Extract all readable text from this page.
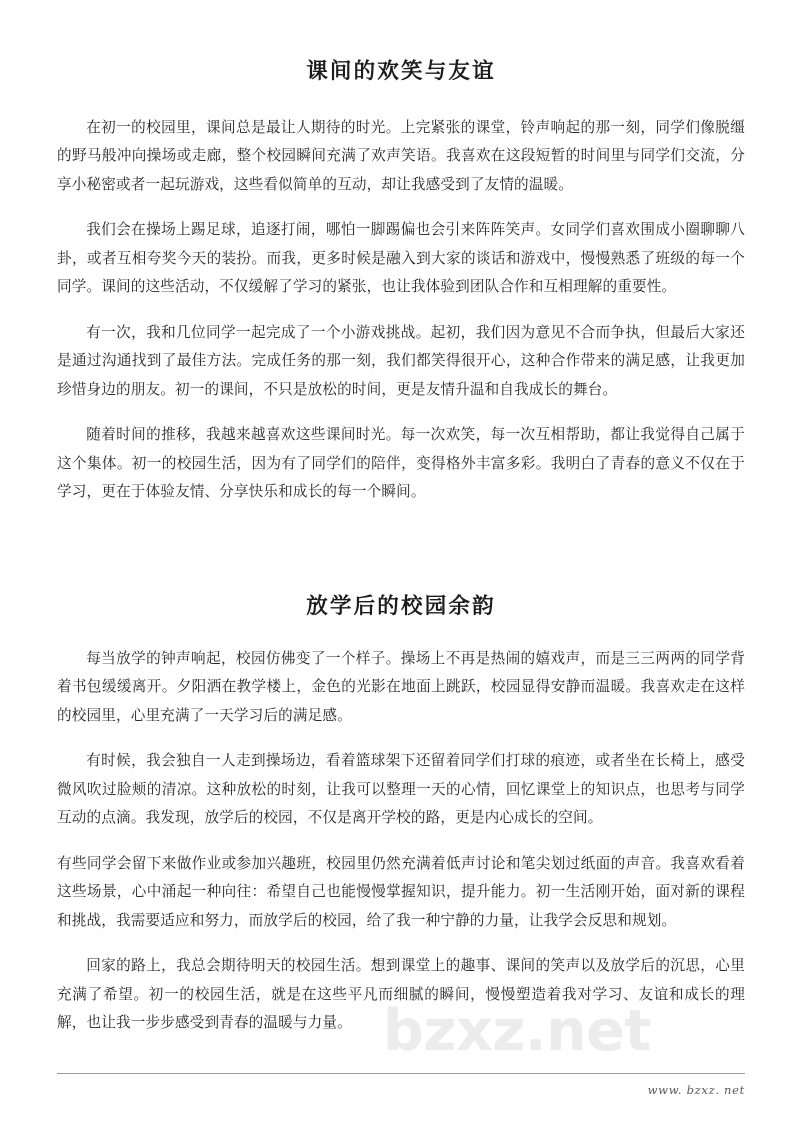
课间的欢笑与友谊

在初一的校园里，课间总是最让人期待的时光。上完紧张的课堂，铃声响起的那一刻，同学们像脱缰的野马般冲向操场或走廊，整个校园瞬间充满了欢声笑语。我喜欢在这段短暂的时间里与同学们交流，分享小秘密或者一起玩游戏，这些看似简单的互动，却让我感受到了友情的温暖。

我们会在操场上踢足球，追逐打闹，哪怕一脚踢偏也会引来阵阵笑声。女同学们喜欢围成小圈聊聊八卦，或者互相夸奖今天的装扮。而我，更多时候是融入到大家的谈话和游戏中，慢慢熟悉了班级的每一个同学。课间的这些活动，不仅缓解了学习的紧张，也让我体验到团队合作和互相理解的重要性。

有一次，我和几位同学一起完成了一个小游戏挑战。起初，我们因为意见不合而争执，但最后大家还是通过沟通找到了最佳方法。完成任务的那一刻，我们都笑得很开心，这种合作带来的满足感，让我更加珍惜身边的朋友。初一的课间，不只是放松的时间，更是友情升温和自我成长的舞台。

随着时间的推移，我越来越喜欢这些课间时光。每一次欢笑，每一次互相帮助，都让我觉得自己属于这个集体。初一的校园生活，因为有了同学们的陪伴，变得格外丰富多彩。我明白了青春的意义不仅在于学习，更在于体验友情、分享快乐和成长的每一个瞬间。

放学后的校园余韵

每当放学的钟声响起，校园仿佛变了一个样子。操场上不再是热闹的嬉戏声，而是三三两两的同学背着书包缓缓离开。夕阳洒在教学楼上，金色的光影在地面上跳跃，校园显得安静而温暖。我喜欢走在这样的校园里，心里充满了一天学习后的满足感。

有时候，我会独自一人走到操场边，看着篮球架下还留着同学们打球的痕迹，或者坐在长椅上，感受微风吹过脸颊的清凉。这种放松的时刻，让我可以整理一天的心情，回忆课堂上的知识点，也思考与同学互动的点滴。我发现，放学后的校园，不仅是离开学校的路，更是内心成长的空间。

有些同学会留下来做作业或参加兴趣班，校园里仍然充满着低声讨论和笔尖划过纸面的声音。我喜欢看着这些场景，心中涌起一种向往：希望自己也能慢慢掌握知识，提升能力。初一生活刚开始，面对新的课程和挑战，我需要适应和努力，而放学后的校园，给了我一种宁静的力量，让我学会反思和规划。

回家的路上，我总会期待明天的校园生活。想到课堂上的趣事、课间的笑声以及放学后的沉思，心里充满了希望。初一的校园生活，就是在这些平凡而细腻的瞬间，慢慢塑造着我对学习、友谊和成长的理解，也让我一步步感受到青春的温暖与力量。 bzxz.net
www. bzxz. net
